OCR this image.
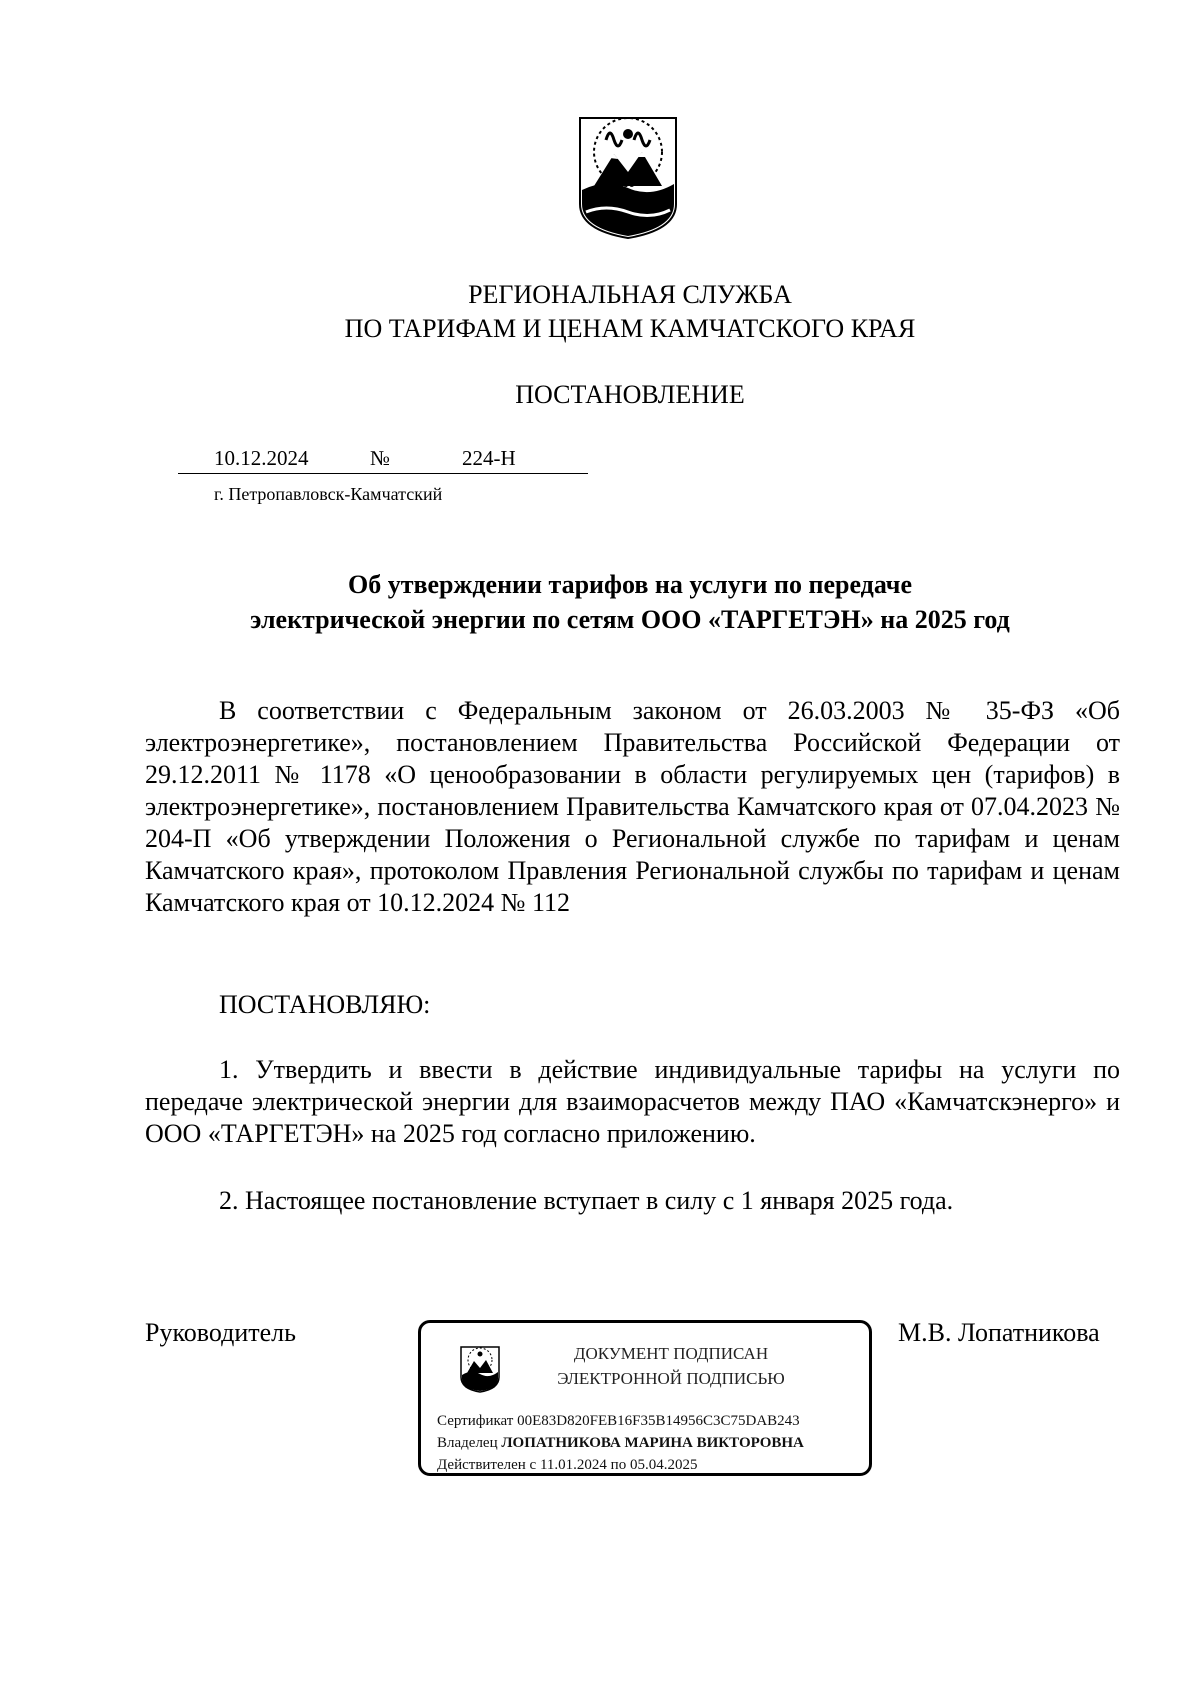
РЕГИОНАЛЬНАЯ СЛУЖБА
ПО ТАРИФАМ И ЦЕНАМ КАМЧАТСКОГО КРАЯ
ПОСТАНОВЛЕНИЕ
10.12.2024	№	224-Н
г. Петропавловск-Камчатский
Об утверждении тарифов на услуги по передаче
электрической энергии по сетям ООО «ТАРГЕТЭН» на 2025 год
В соответствии с Федеральным законом от 26.03.2003 № 35-ФЗ «Об электроэнергетике», постановлением Правительства Российской Федерации от 29.12.2011 № 1178 «О ценообразовании в области регулируемых цен (тарифов) в электроэнергетике», постановлением Правительства Камчатского края от 07.04.2023 № 204-П «Об утверждении Положения о Региональной службе по тарифам и ценам Камчатского края», протоколом Правления Региональной службы по тарифам и ценам Камчатского края от 10.12.2024 № 112
ПОСТАНОВЛЯЮ:
1. Утвердить и ввести в действие индивидуальные тарифы на услуги по передаче электрической энергии для взаиморасчетов между ПАО «Камчатскэнерго» и ООО «ТАРГЕТЭН» на 2025 год согласно приложению.
2. Настоящее постановление вступает в силу с 1 января 2025 года.
Руководитель	М.В. Лопатникова
ДОКУМЕНТ ПОДПИСАН
ЭЛЕКТРОННОЙ ПОДПИСЬЮ
Сертификат 00E83D820FEB16F35B14956C3C75DAB243
Владелец ЛОПАТНИКОВА МАРИНА ВИКТОРОВНА
Действителен с 11.01.2024 по 05.04.2025
